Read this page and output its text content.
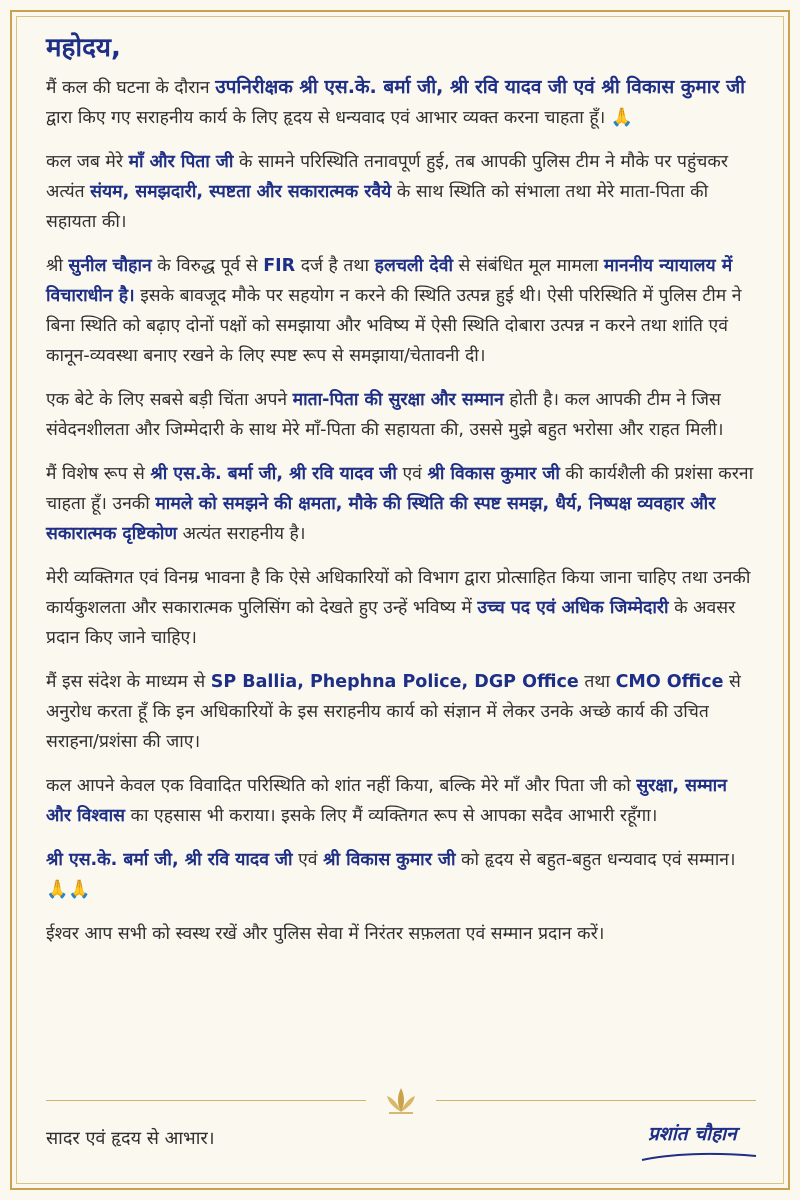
महोदय,

मैं कल की घटना के दौरान उपनिरीक्षक श्री एस.के. बर्मा जी, श्री रवि यादव जी एवं श्री विकास कुमार जी द्वारा किए गए सराहनीय कार्य के लिए हृदय से धन्यवाद एवं आभार व्यक्त करना चाहता हूँ। 🙏

कल जब मेरे माँ और पिता जी के सामने परिस्थिति तनावपूर्ण हुई, तब आपकी पुलिस टीम ने मौके पर पहुंचकर अत्यंत संयम, समझदारी, स्पष्टता और सकारात्मक रवैये के साथ स्थिति को संभाला तथा मेरे माता-पिता की सहायता की।

श्री सुनील चौहान के विरुद्ध पूर्व से FIR दर्ज है तथा हलचली देवी से संबंधित मूल मामला माननीय न्यायालय में विचाराधीन है। इसके बावजूद मौके पर सहयोग न करने की स्थिति उत्पन्न हुई थी। ऐसी परिस्थिति में पुलिस टीम ने बिना स्थिति को बढ़ाए दोनों पक्षों को समझाया और भविष्य में ऐसी स्थिति दोबारा उत्पन्न न करने तथा शांति एवं कानून-व्यवस्था बनाए रखने के लिए स्पष्ट रूप से समझाया/चेतावनी दी।

एक बेटे के लिए सबसे बड़ी चिंता अपने माता-पिता की सुरक्षा और सम्मान होती है। कल आपकी टीम ने जिस संवेदनशीलता और जिम्मेदारी के साथ मेरे माँ-पिता की सहायता की, उससे मुझे बहुत भरोसा और राहत मिली।

मैं विशेष रूप से श्री एस.के. बर्मा जी, श्री रवि यादव जी एवं श्री विकास कुमार जी की कार्यशैली की प्रशंसा करना चाहता हूँ। उनकी मामले को समझने की क्षमता, मौके की स्थिति की स्पष्ट समझ, धैर्य, निष्पक्ष व्यवहार और सकारात्मक दृष्टिकोण अत्यंत सराहनीय है।

मेरी व्यक्तिगत एवं विनम्र भावना है कि ऐसे अधिकारियों को विभाग द्वारा प्रोत्साहित किया जाना चाहिए तथा उनकी कार्यकुशलता और सकारात्मक पुलिसिंग को देखते हुए उन्हें भविष्य में उच्च पद एवं अधिक जिम्मेदारी के अवसर प्रदान किए जाने चाहिए।

मैं इस संदेश के माध्यम से SP Ballia, Phephna Police, DGP Office तथा CMO Office से अनुरोध करता हूँ कि इन अधिकारियों के इस सराहनीय कार्य को संज्ञान में लेकर उनके अच्छे कार्य की उचित सराहना/प्रशंसा की जाए।

कल आपने केवल एक विवादित परिस्थिति को शांत नहीं किया, बल्कि मेरे माँ और पिता जी को सुरक्षा, सम्मान और विश्वास का एहसास भी कराया। इसके लिए मैं व्यक्तिगत रूप से आपका सदैव आभारी रहूँगा।

श्री एस.के. बर्मा जी, श्री रवि यादव जी एवं श्री विकास कुमार जी को हृदय से बहुत-बहुत धन्यवाद एवं सम्मान। 🙏🙏

ईश्वर आप सभी को स्वस्थ रखें और पुलिस सेवा में निरंतर सफ़लता एवं सम्मान प्रदान करें।

सादर एवं हृदय से आभार।	प्रशांत चौहान
